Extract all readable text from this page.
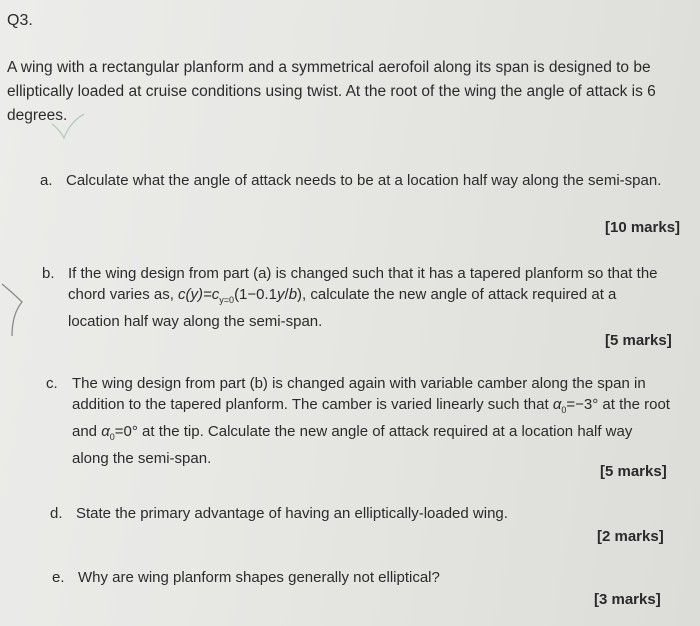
Q3.

A wing with a rectangular planform and a symmetrical aerofoil along its span is designed to be elliptically loaded at cruise conditions using twist. At the root of the wing the angle of attack is 6 degrees.

a. Calculate what the angle of attack needs to be at a location half way along the semi-span.
[10 marks]
b. If the wing design from part (a) is changed such that it has a tapered planform so that the chord varies as, $c(y)=c_{y=0}(1-0.1y/b)$, calculate the new angle of attack required at a location half way along the semi-span.
[5 marks]
c. The wing design from part (b) is changed again with variable camber along the span in addition to the tapered planform. The camber is varied linearly such that $\alpha_0=-3^\circ$ at the root and $\alpha_0=0^\circ$ at the tip. Calculate the new angle of attack required at a location half way along the semi-span.
[5 marks]
d. State the primary advantage of having an elliptically-loaded wing.
[2 marks]
e. Why are wing planform shapes generally not elliptical?
[3 marks]
